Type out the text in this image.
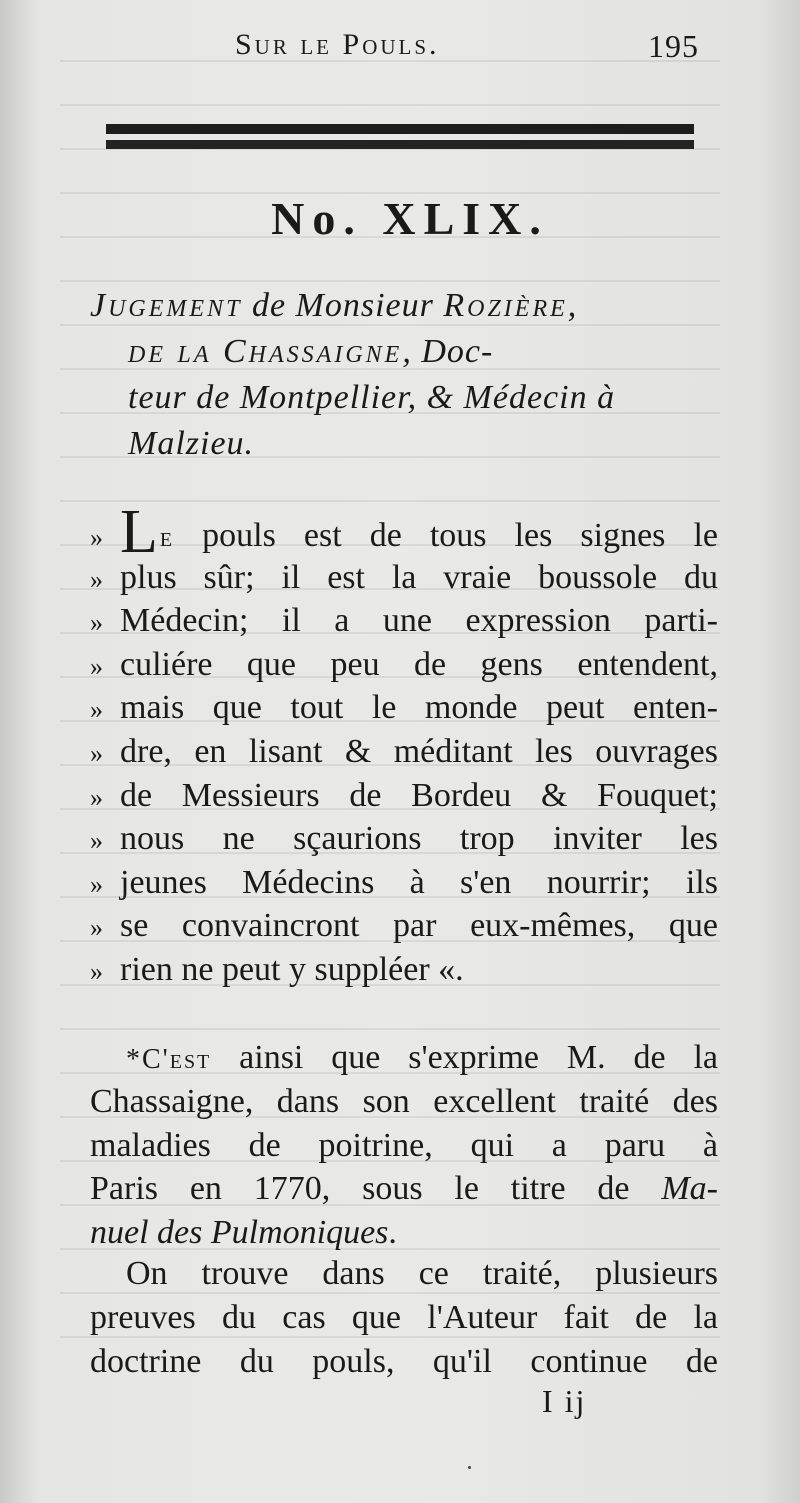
Sur le Pouls.	195
No. XLIX.
Jugement de Monsieur Rozière,
de la Chassaigne, Doc-
teur de Montpellier, & Médecin à
Malzieu.
» Le pouls est de tous les signes le
» plus sûr; il est la vraie boussole du
» Médecin; il a une expression parti-
» culiére que peu de gens entendent,
» mais que tout le monde peut enten-
» dre, en lisant & méditant les ouvrages
» de Messieurs de Bordeu & Fouquet;
» nous ne sçaurions trop inviter les
» jeunes Médecins à s'en nourrir; ils
» se convaincront par eux-mêmes, que
» rien ne peut y suppléer «.
*C'est ainsi que s'exprime M. de la
Chassaigne, dans son excellent traité des
maladies de poitrine, qui a paru à
Paris en 1770, sous le titre de Ma-
nuel des Pulmoniques.
On trouve dans ce traité, plusieurs
preuves du cas que l'Auteur fait de la
doctrine du pouls, qu'il continue de
I ij
